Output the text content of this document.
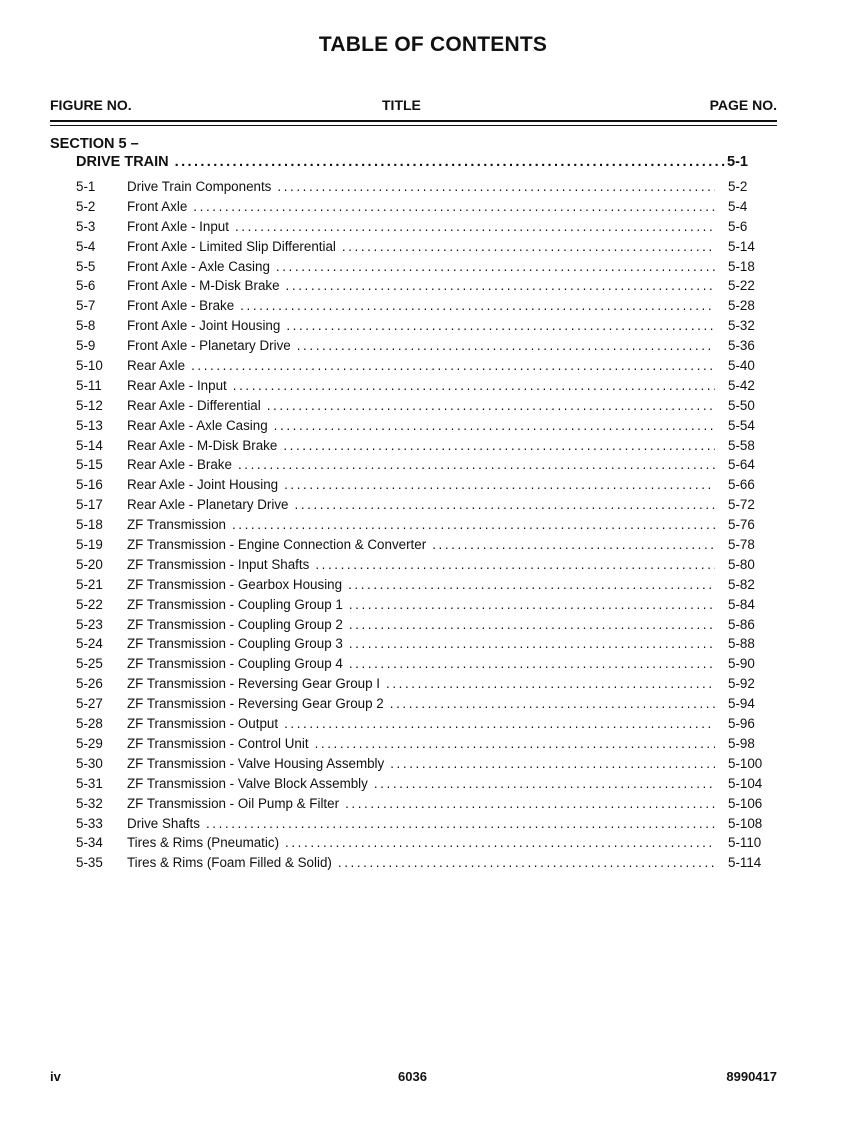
TABLE OF CONTENTS
FIGURE NO.	TITLE	PAGE NO.
SECTION 5 –
DRIVE TRAIN .....	5-1
5-1	Drive Train Components .....	5-2
5-2	Front Axle .....	5-4
5-3	Front Axle - Input .....	5-6
5-4	Front Axle - Limited Slip Differential .....	5-14
5-5	Front Axle - Axle Casing .....	5-18
5-6	Front Axle - M-Disk Brake .....	5-22
5-7	Front Axle - Brake .....	5-28
5-8	Front Axle - Joint Housing .....	5-32
5-9	Front Axle - Planetary Drive .....	5-36
5-10	Rear Axle .....	5-40
5-11	Rear Axle - Input .....	5-42
5-12	Rear Axle - Differential .....	5-50
5-13	Rear Axle - Axle Casing .....	5-54
5-14	Rear Axle - M-Disk Brake .....	5-58
5-15	Rear Axle - Brake .....	5-64
5-16	Rear Axle - Joint Housing .....	5-66
5-17	Rear Axle - Planetary Drive .....	5-72
5-18	ZF Transmission .....	5-76
5-19	ZF Transmission - Engine Connection & Converter .....	5-78
5-20	ZF Transmission - Input Shafts .....	5-80
5-21	ZF Transmission - Gearbox Housing .....	5-82
5-22	ZF Transmission - Coupling Group 1 .....	5-84
5-23	ZF Transmission - Coupling Group 2 .....	5-86
5-24	ZF Transmission - Coupling Group 3 .....	5-88
5-25	ZF Transmission - Coupling Group 4 .....	5-90
5-26	ZF Transmission - Reversing Gear Group I .....	5-92
5-27	ZF Transmission - Reversing Gear Group 2 .....	5-94
5-28	ZF Transmission - Output .....	5-96
5-29	ZF Transmission - Control Unit .....	5-98
5-30	ZF Transmission - Valve Housing Assembly .....	5-100
5-31	ZF Transmission - Valve Block Assembly .....	5-104
5-32	ZF Transmission - Oil Pump & Filter .....	5-106
5-33	Drive Shafts .....	5-108
5-34	Tires & Rims (Pneumatic) .....	5-110
5-35	Tires & Rims (Foam Filled & Solid) .....	5-114
iv	6036	8990417
